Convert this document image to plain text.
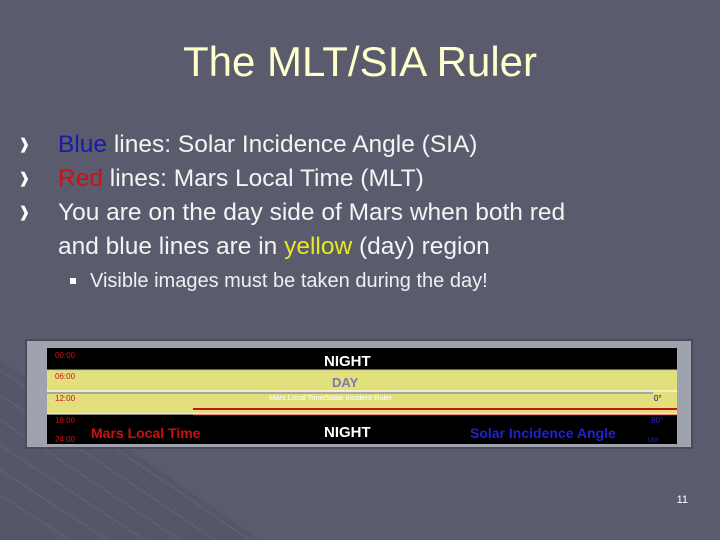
The MLT/SIA Ruler
❱ Blue lines: Solar Incidence Angle (SIA)
❱ Red lines: Mars Local Time (MLT)
❱ You are on the day side of Mars when both red
and blue lines are in yellow (day) region
Visible images must be taken during the day!
00:00
06:00
12:00
18:00
24:00
NIGHT
DAY
Mars Local Time/Solar Incident Ruler
NIGHT
Mars Local Time	Solar Incidence Angle
0°
90°
180°
11
